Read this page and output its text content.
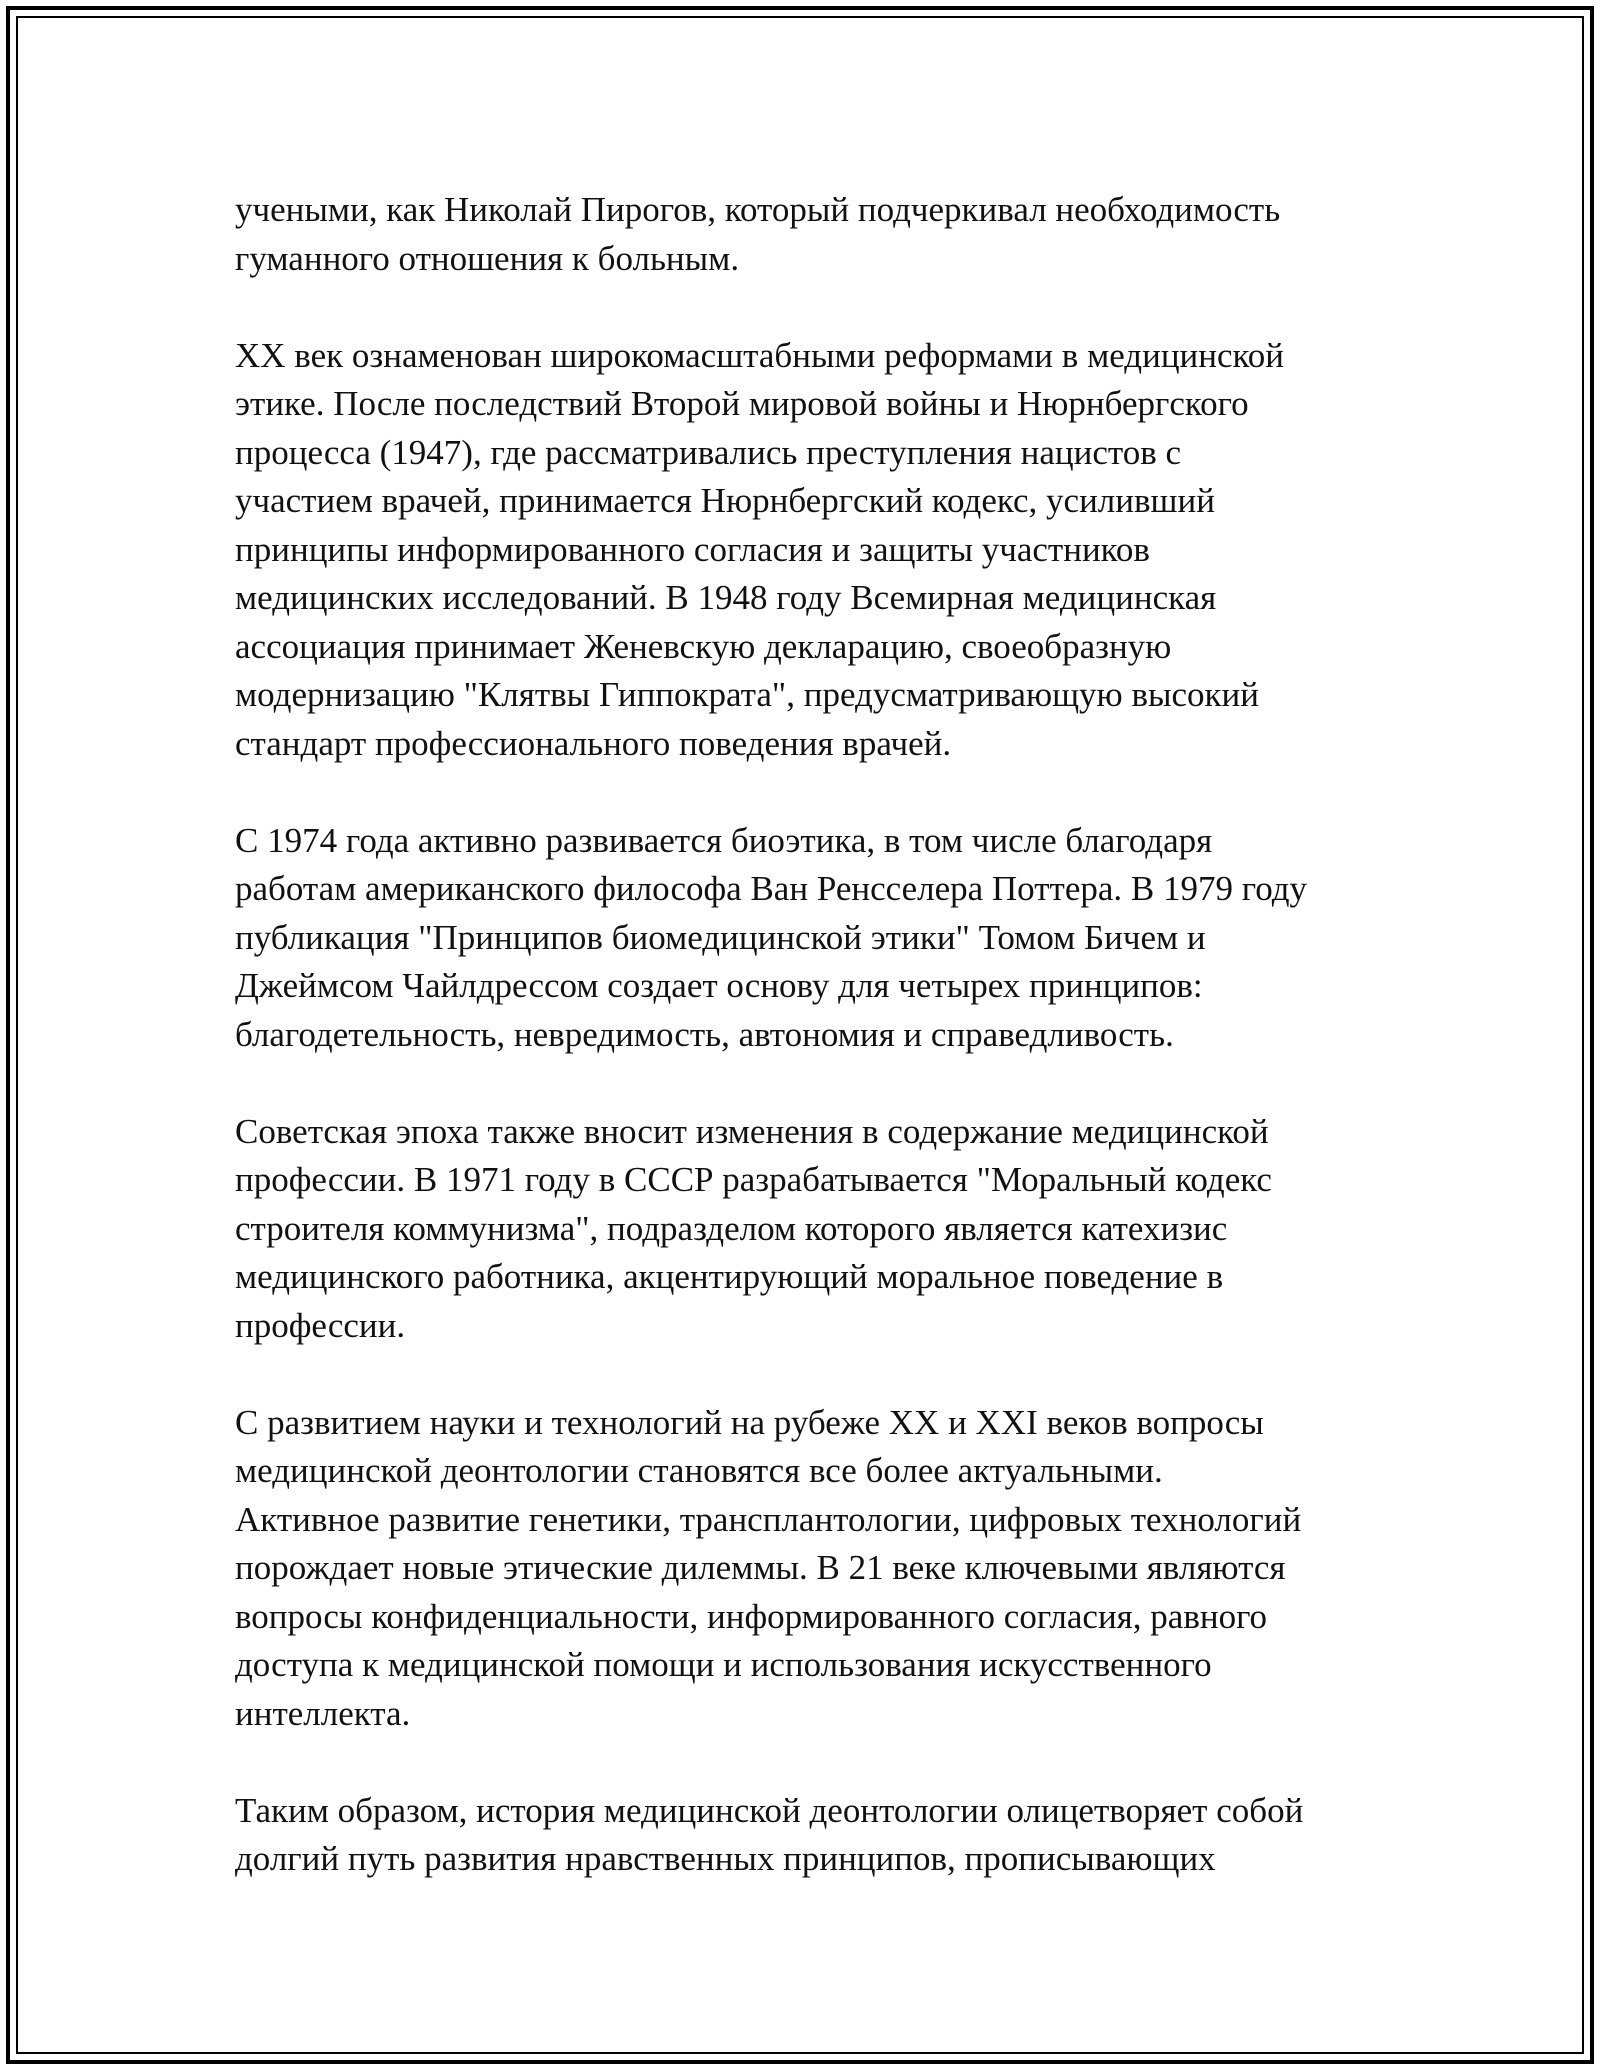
учеными, как Николай Пирогов, который подчеркивал необходимость
гуманного отношения к больным.

XX век ознаменован широкомасштабными реформами в медицинской
этике. После последствий Второй мировой войны и Нюрнбергского
процесса (1947), где рассматривались преступления нацистов с
участием врачей, принимается Нюрнбергский кодекс, усиливший
принципы информированного согласия и защиты участников
медицинских исследований. В 1948 году Всемирная медицинская
ассоциация принимает Женевскую декларацию, своеобразную
модернизацию "Клятвы Гиппократа", предусматривающую высокий
стандарт профессионального поведения врачей.

С 1974 года активно развивается биоэтика, в том числе благодаря
работам американского философа Ван Ренсселера Поттера. В 1979 году
публикация "Принципов биомедицинской этики" Томом Бичем и
Джеймсом Чайлдрессом создает основу для четырех принципов:
благодетельность, невредимость, автономия и справедливость.

Советская эпоха также вносит изменения в содержание медицинской
профессии. В 1971 году в СССР разрабатывается "Моральный кодекс
строителя коммунизма", подразделом которого является катехизис
медицинского работника, акцентирующий моральное поведение в
профессии.

С развитием науки и технологий на рубеже XX и XXI веков вопросы
медицинской деонтологии становятся все более актуальными.
Активное развитие генетики, трансплантологии, цифровых технологий
порождает новые этические дилеммы. В 21 веке ключевыми являются
вопросы конфиденциальности, информированного согласия, равного
доступа к медицинской помощи и использования искусственного
интеллекта.

Таким образом, история медицинской деонтологии олицетворяет собой
долгий путь развития нравственных принципов, прописывающих
